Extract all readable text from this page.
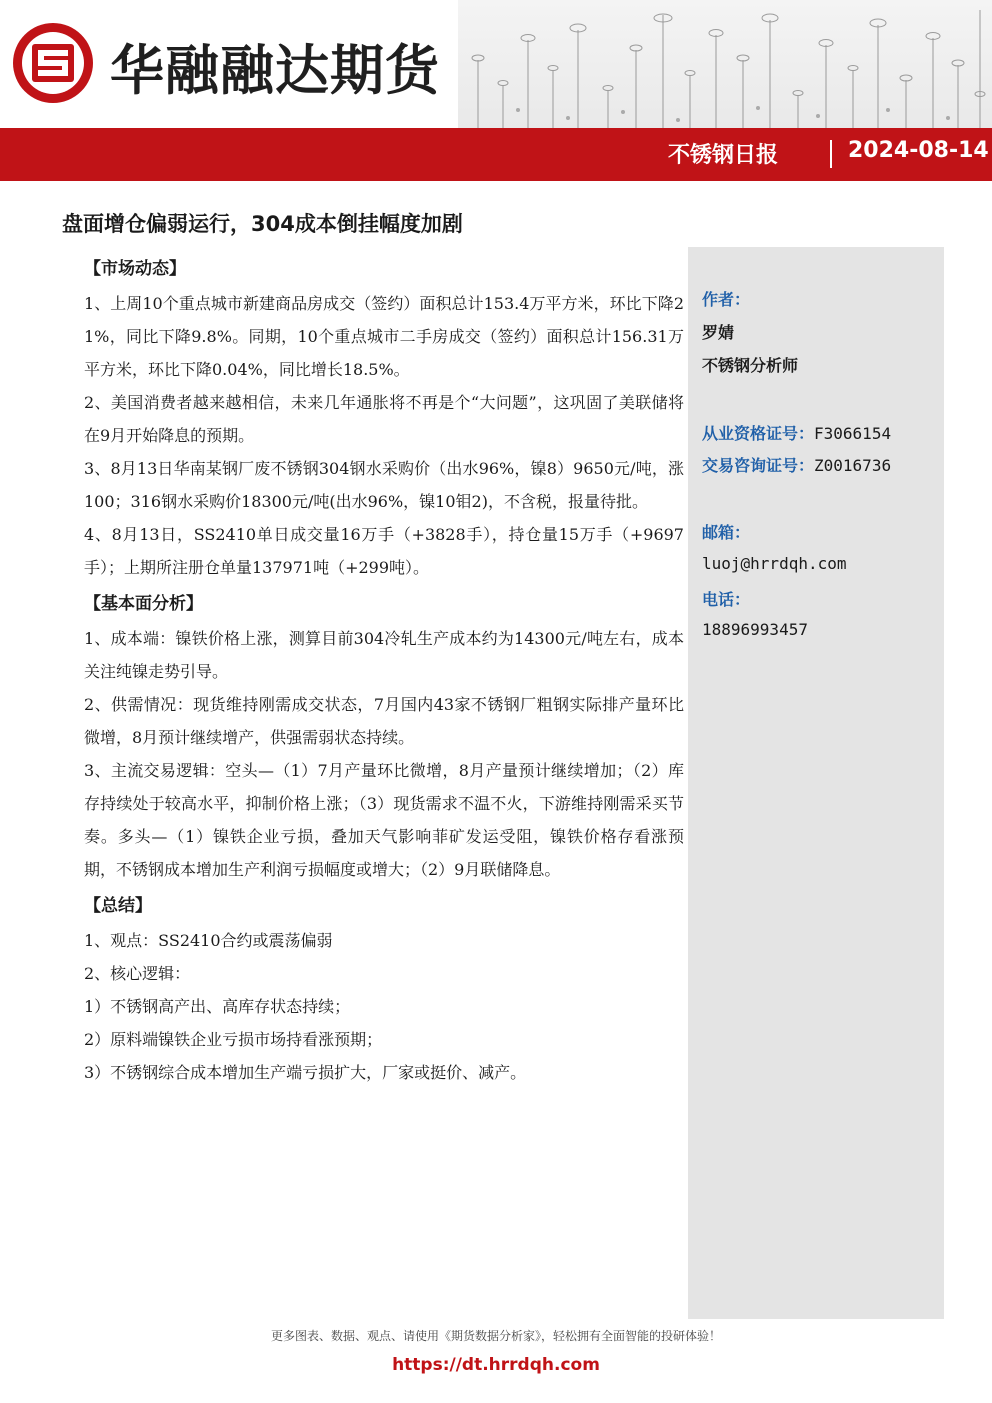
华融融达期货
不锈钢日报	2024-08-14
盘面增仓偏弱运行，304成本倒挂幅度加剧
作者：
罗婧
不锈钢分析师
从业资格证号：F3066154
交易咨询证号：Z0016736
邮箱：
luoj@hrrdqh.com
电话：
18896993457
【市场动态】

1、上周10个重点城市新建商品房成交（签约）面积总计153.4万平方米，环比下降21%，同比下降9.8%。同期，10个重点城市二手房成交（签约）面积总计156.31万平方米，环比下降0.04%，同比增长18.5%。

2、美国消费者越来越相信，未来几年通胀将不再是个“大问题”，这巩固了美联储将在9月开始降息的预期。

3、8月13日华南某钢厂废不锈钢304钢水采购价（出水96%，镍8）9650元/吨，涨100；316钢水采购价18300元/吨(出水96%，镍10钼2)，不含税，报量待批。

4、8月13日，SS2410单日成交量16万手（+3828手），持仓量15万手（+9697手）；上期所注册仓单量137971吨（+299吨）。

【基本面分析】

1、成本端：镍铁价格上涨，测算目前304冷轧生产成本约为14300元/吨左右，成本关注纯镍走势引导。

2、供需情况：现货维持刚需成交状态，7月国内43家不锈钢厂粗钢实际排产量环比微增，8月预计继续增产，供强需弱状态持续。

3、主流交易逻辑：空头—（1）7月产量环比微增，8月产量预计继续增加；（2）库存持续处于较高水平，抑制价格上涨；（3）现货需求不温不火，下游维持刚需采买节奏。多头—（1）镍铁企业亏损，叠加天气影响菲矿发运受阻，镍铁价格存看涨预期，不锈钢成本增加生产利润亏损幅度或增大；（2）9月联储降息。

【总结】

1、观点：SS2410合约或震荡偏弱

2、核心逻辑：

1）不锈钢高产出、高库存状态持续；

2）原料端镍铁企业亏损市场持看涨预期；

3）不锈钢综合成本增加生产端亏损扩大，厂家或挺价、减产。

更多图表、数据、观点、请使用《期货数据分析家》，轻松拥有全面智能的投研体验！
https://dt.hrrdqh.com
